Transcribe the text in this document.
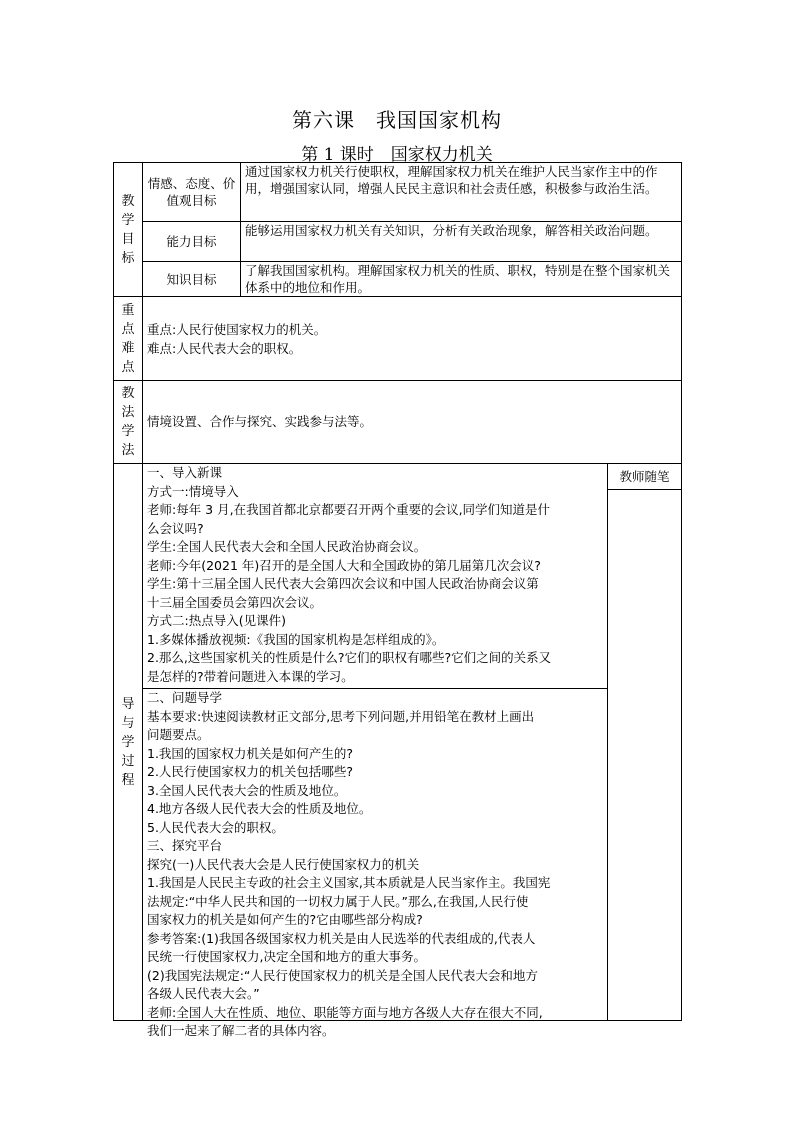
第六课　我国国家机构
第 1 课时　国家权力机关
教学目标
情感、态度、价值观目标
通过国家权力机关行使职权，理解国家权力机关在维护人民当家作主中的作用，增强国家认同，增强人民民主意识和社会责任感，积极参与政治生活。
能力目标
能够运用国家权力机关有关知识，分析有关政治现象，解答相关政治问题。
知识目标
了解我国国家机构。理解国家权力机关的性质、职权，特别是在整个国家机关体系中的地位和作用。
重点难点
重点:人民行使国家权力的机关。
难点:人民代表大会的职权。
教法学法
情境设置、合作与探究、实践参与法等。
导与学过程
一、导入新课
方式一:情境导入
老师:每年 3 月,在我国首都北京都要召开两个重要的会议,同学们知道是什
么会议吗?
学生:全国人民代表大会和全国人民政治协商会议。
老师:今年(2021 年)召开的是全国人大和全国政协的第几届第几次会议?
学生:第十三届全国人民代表大会第四次会议和中国人民政治协商会议第
十三届全国委员会第四次会议。
方式二:热点导入(见课件)
1.多媒体播放视频:《我国的国家机构是怎样组成的》。
2.那么,这些国家机关的性质是什么?它们的职权有哪些?它们之间的关系又
是怎样的?带着问题进入本课的学习。
二、问题导学
基本要求:快速阅读教材正文部分,思考下列问题,并用铅笔在教材上画出
问题要点。
1.我国的国家权力机关是如何产生的?
2.人民行使国家权力的机关包括哪些?
3.全国人民代表大会的性质及地位。
4.地方各级人民代表大会的性质及地位。
5.人民代表大会的职权。
三、探究平台
探究(一)人民代表大会是人民行使国家权力的机关
1.我国是人民民主专政的社会主义国家,其本质就是人民当家作主。我国宪
法规定:“中华人民共和国的一切权力属于人民。”那么,在我国,人民行使
国家权力的机关是如何产生的?它由哪些部分构成?
参考答案:(1)我国各级国家权力机关是由人民选举的代表组成的,代表人
民统一行使国家权力,决定全国和地方的重大事务。
(2)我国宪法规定:“人民行使国家权力的机关是全国人民代表大会和地方
各级人民代表大会。”
老师:全国人大在性质、地位、职能等方面与地方各级人大存在很大不同,
我们一起来了解二者的具体内容。
教师随笔
